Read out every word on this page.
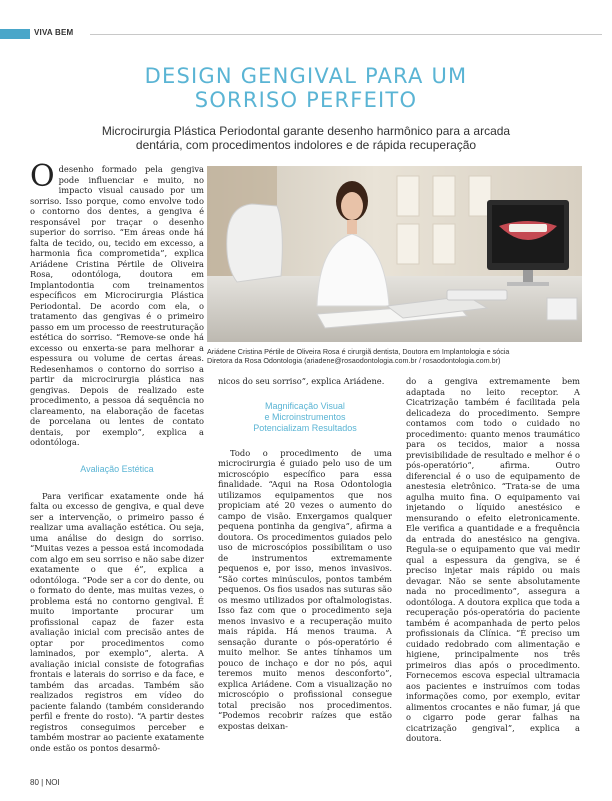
VIVA BEM
DESIGN GENGIVAL PARA UM
SORRISO PERFEITO

Microcirurgia Plástica Periodontal garante desenho harmônico para a arcada
dentária, com procedimentos indolores e de rápida recuperação

Odesenho formado pela gengiva pode influenciar e muito, no impacto visual causado por um sorriso. Isso porque, como envolve todo o contorno dos dentes, a gengiva é responsável por traçar o desenho superior do sorriso. “Em áreas onde há falta de tecido, ou, tecido em excesso, a harmonia fica comprometida”, explica Ariádene Cristina Pértile de Oliveira Rosa, odontóloga, doutora em Implantodontia com treinamentos específicos em Microcirurgia Plástica Periodontal. De acordo com ela, o tratamento das gengivas é o primeiro passo em um processo de reestruturação estética do sorriso. “Remove-se onde há excesso ou enxerta-se para melhorar a espessura ou volume de certas áreas. Redesenhamos o contorno do sorriso a partir da microcirurgia plástica nas gengivas. Depois de realizado este procedimento, a pessoa dá sequência no clareamento, na elaboração de facetas de porcelana ou lentes de contato dentais, por exemplo”, explica a odontóloga.

Avaliação Estética

Para verificar exatamente onde há falta ou excesso de gengiva, e qual deve ser a intervenção, o primeiro passo é realizar uma avaliação estética. Ou seja, uma análise do design do sorriso. “Muitas vezes a pessoa está incomodada com algo em seu sorriso e não sabe dizer exatamente o que é”, explica a odontóloga. “Pode ser a cor do dente, ou o formato do dente, mas muitas vezes, o problema está no contorno gengival. É muito importante procurar um profissional capaz de fazer esta avaliação inicial com precisão antes de optar por procedimentos como laminados, por exemplo”, alerta. A avaliação inicial consiste de fotografias frontais e laterais do sorriso e da face, e também das arcadas. Também são realizados registros em vídeo do paciente falando (também considerando perfil e frente do rosto). “A partir destes registros conseguimos perceber e também mostrar ao paciente exatamente onde estão os pontos desarmô-

Ariádene Cristina Pértile de Oliveira Rosa é cirurgiã dentista, Doutora em Implantologia e sócia

Diretora da Rosa Odontologia (ariadene@rosaodontologia.com.br / rosaodontologia.com.br)

nicos do seu sorriso”, explica Ariádene.

Magnificação Visual
e Microinstrumentos
Potencializam Resultados

Todo o procedimento de uma microcirurgia é guiado pelo uso de um microscópio específico para essa finalidade. “Aqui na Rosa Odontologia utilizamos equipamentos que nos propiciam até 20 vezes o aumento do campo de visão. Enxergamos qualquer pequena pontinha da gengiva”, afirma a doutora. Os procedimentos guiados pelo uso de microscópios possibilitam o uso de instrumentos extremamente pequenos e, por isso, menos invasivos. “São cortes minúsculos, pontos também pequenos. Os fios usados nas suturas são os mesmo utilizados por oftalmologistas. Isso faz com que o procedimento seja menos invasivo e a recuperação muito mais rápida. Há menos trauma. A sensação durante o pós-operatório é muito melhor. Se antes tínhamos um pouco de inchaço e dor no pós, aqui teremos muito menos desconforto”, explica Ariádene. Com a visualização no microscópio o profissional consegue total precisão nos procedimentos. “Podemos recobrir raízes que estão expostas deixan-

do a gengiva extremamente bem adaptada no leito receptor. A Cicatrização também é facilitada pela delicadeza do procedimento. Sempre contamos com todo o cuidado no procedimento: quanto menos traumático para os tecidos, maior a nossa previsibilidade de resultado e melhor é o pós-operatório”, afirma. Outro diferencial é o uso de equipamento de anestesia eletrônico. “Trata-se de uma agulha muito fina. O equipamento vai injetando o líquido anestésico e mensurando o efeito eletronicamente. Ele verifica a quantidade e a frequência da entrada do anestésico na gengiva. Regula-se o equipamento que vai medir qual a espessura da gengiva, se é preciso injetar mais rápido ou mais devagar. Não se sente absolutamente nada no procedimento”, assegura a odontóloga. A doutora explica que toda a recuperação pós-operatória do paciente também é acompanhada de perto pelos profissionais da Clínica. “É preciso um cuidado redobrado com alimentação e higiene, principalmente nos três primeiros dias após o procedimento. Fornecemos escova especial ultramacia aos pacientes e instruímos com todas informações como, por exemplo, evitar alimentos crocantes e não fumar, já que o cigarro pode gerar falhas na cicatrização gengival”, explica a doutora.

80 | NOI
